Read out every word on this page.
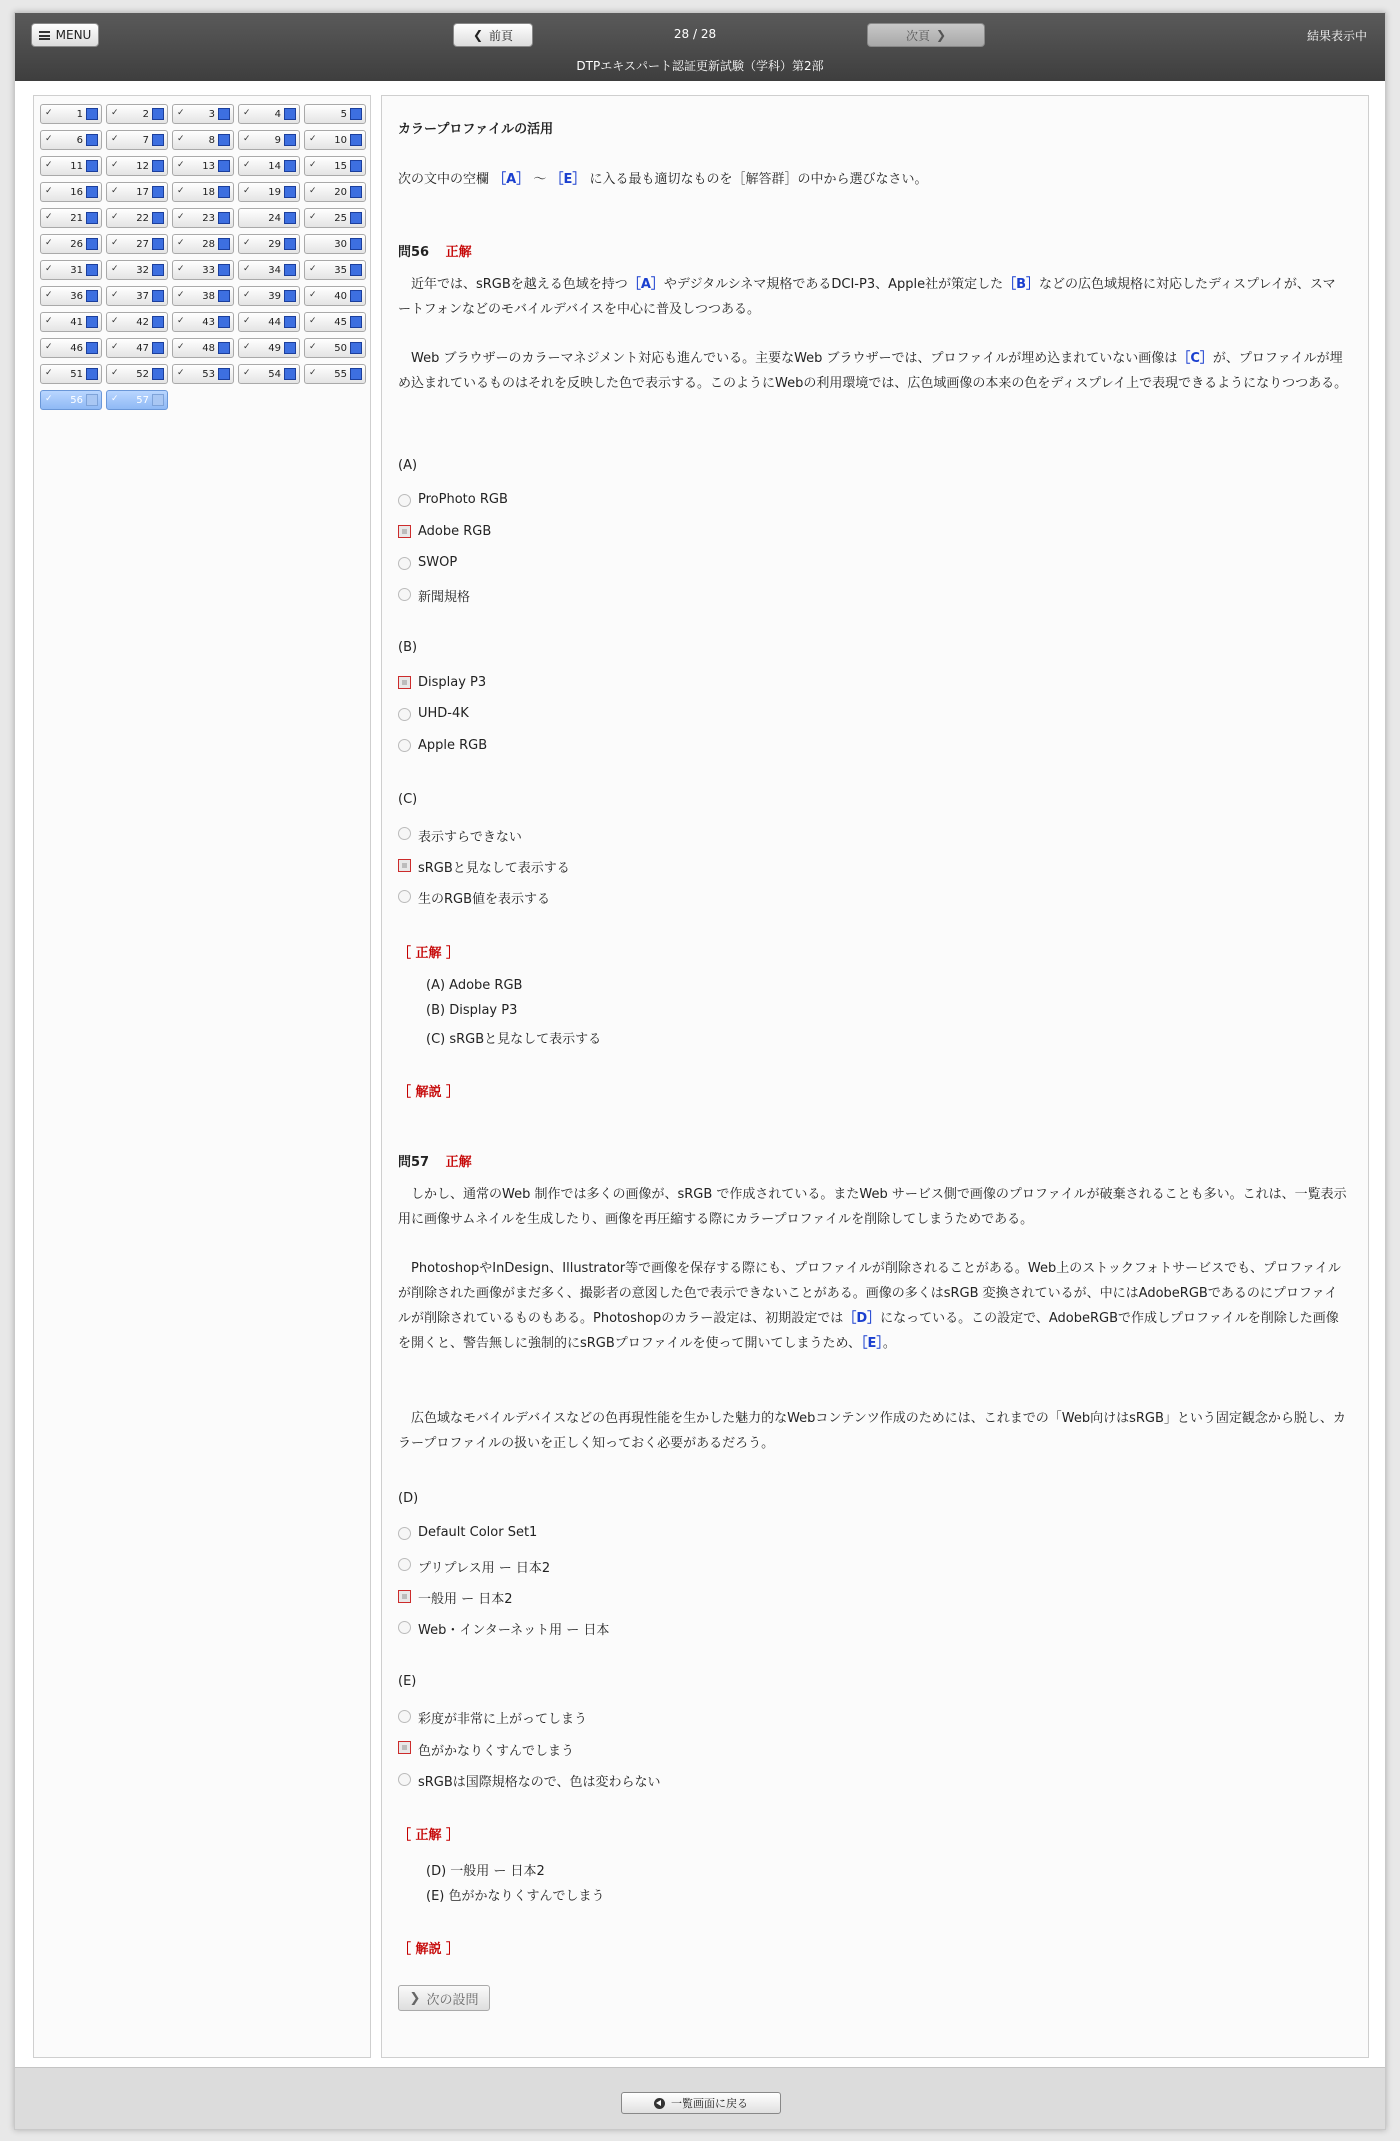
MENU	❮ 前頁	28 / 28	次頁 ❯	結果表示中
DTPエキスパート認証更新試験（学科）第2部
✓ 1	✓ 2	✓ 3	✓ 4	5
✓ 6	✓ 7	✓ 8	✓ 9	✓ 10
✓ 11	✓ 12	✓ 13	✓ 14	✓ 15
✓ 16	✓ 17	✓ 18	✓ 19	✓ 20
✓ 21	✓ 22	✓ 23	24	✓ 25
✓ 26	✓ 27	✓ 28	✓ 29	30
✓ 31	✓ 32	✓ 33	✓ 34	✓ 35
✓ 36	✓ 37	✓ 38	✓ 39	✓ 40
✓ 41	✓ 42	✓ 43	✓ 44	✓ 45
✓ 46	✓ 47	✓ 48	✓ 49	✓ 50
✓ 51	✓ 52	✓ 53	✓ 54	✓ 55
✓ 56	✓ 57
カラープロファイルの活用
次の文中の空欄 ［A］ 〜 ［E］ に入る最も適切なものを［解答群］の中から選びなさい。
問56 正解
　近年では、sRGBを越える色域を持つ［A］やデジタルシネマ規格であるDCI-P3、Apple社が策定した［B］などの広色域規格に対応したディスプレイが、スマートフォンなどのモバイルデバイスを中心に普及しつつある。
　Web ブラウザーのカラーマネジメント対応も進んでいる。主要なWeb ブラウザーでは、プロファイルが埋め込まれていない画像は［C］が、プロファイルが埋め込まれているものはそれを反映した色で表示する。このようにWebの利用環境では、広色域画像の本来の色をディスプレイ上で表現できるようになりつつある。
(A)
ProPhoto RGB
Adobe RGB
SWOP
新聞規格
(B)
Display P3
UHD-4K
Apple RGB
(C)
表示すらできない
sRGBと見なして表示する
生のRGB値を表示する
［ 正解 ］
(A) Adobe RGB
(B) Display P3
(C) sRGBと見なして表示する
［ 解説 ］
問57 正解
　しかし、通常のWeb 制作では多くの画像が、sRGB で作成されている。またWeb サービス側で画像のプロファイルが破棄されることも多い。これは、一覧表示用に画像サムネイルを生成したり、画像を再圧縮する際にカラープロファイルを削除してしまうためである。
　PhotoshopやInDesign、Illustrator等で画像を保存する際にも、プロファイルが削除されることがある。Web上のストックフォトサービスでも、プロファイルが削除された画像がまだ多く、撮影者の意図した色で表示できないことがある。画像の多くはsRGB 変換されているが、中にはAdobeRGBであるのにプロファイルが削除されているものもある。Photoshopのカラー設定は、初期設定では［D］になっている。この設定で、AdobeRGBで作成しプロファイルを削除した画像を開くと、警告無しに強制的にsRGBプロファイルを使って開いてしまうため、［E］。
　広色域なモバイルデバイスなどの色再現性能を生かした魅力的なWebコンテンツ作成のためには、これまでの「Web向けはsRGB」という固定観念から脱し、カラープロファイルの扱いを正しく知っておく必要があるだろう。
(D)
Default Color Set1
プリプレス用 ー 日本2
一般用 ー 日本2
Web・インターネット用 ー 日本
(E)
彩度が非常に上がってしまう
色がかなりくすんでしまう
sRGBは国際規格なので、色は変わらない
［ 正解 ］
(D) 一般用 ー 日本2
(E) 色がかなりくすんでしまう
［ 解説 ］
❯ 次の設問
一覧画面に戻る
